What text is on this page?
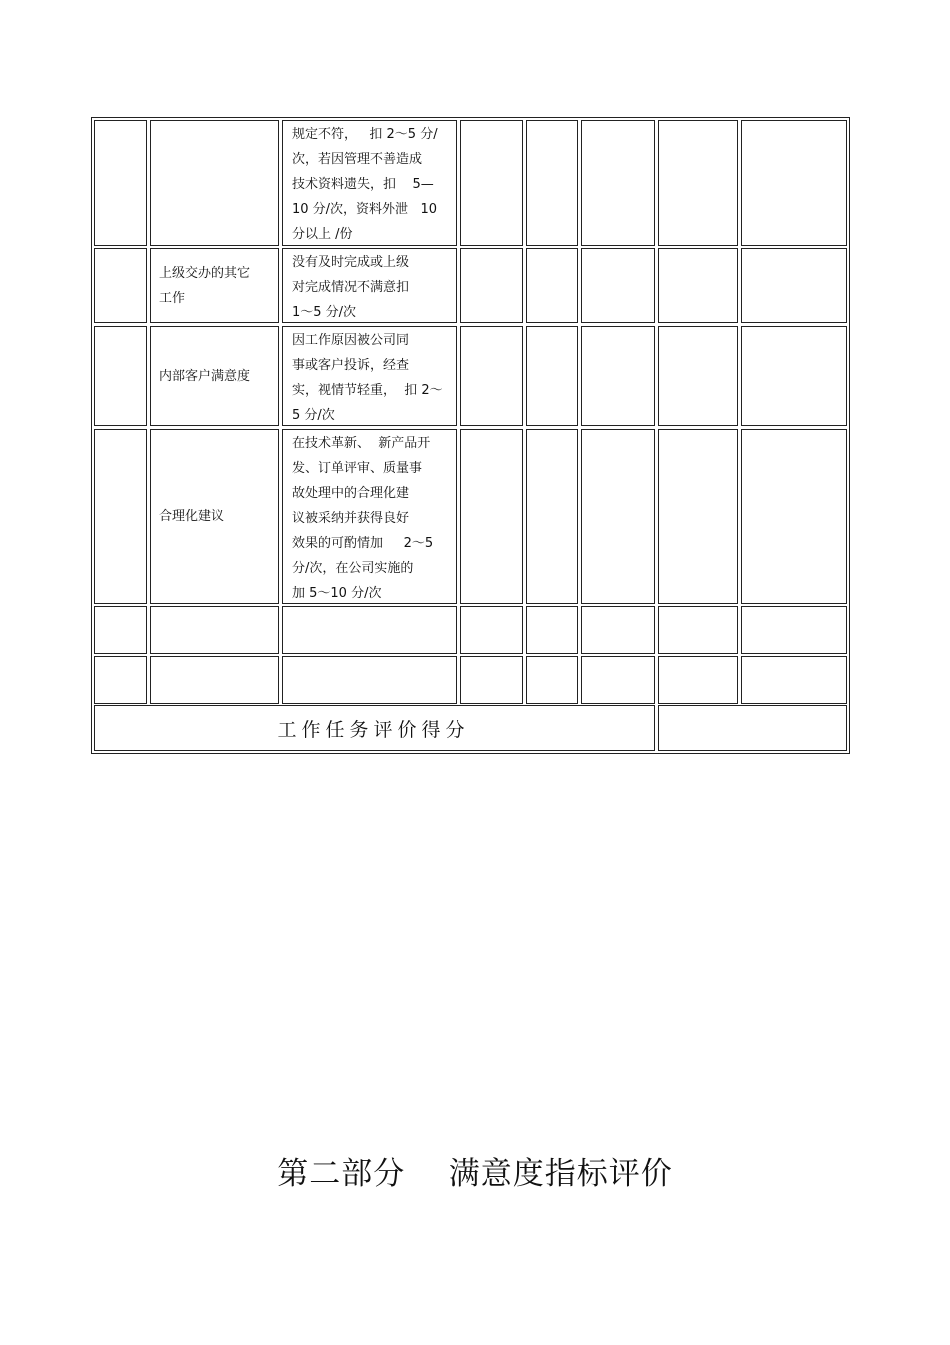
规定不符，   扣 2～5 分/
次，若因管理不善造成
技术资料遗失，扣    5—
10 分/次，资料外泄   10
分以上 /份
上级交办的其它
工作
没有及时完成或上级
对完成情况不满意扣
1～5 分/次
内部客户满意度
因工作原因被公司同
事或客户投诉，经查
实，视情节轻重，  扣 2～
5 分/次
合理化建议
在技术革新、  新产品开
发、订单评审、质量事
故处理中的合理化建
议被采纳并获得良好
效果的可酌情加     2～5
分/次，在公司实施的
加 5～10 分/次
工作任务评价得分
第二部分    满意度指标评价
